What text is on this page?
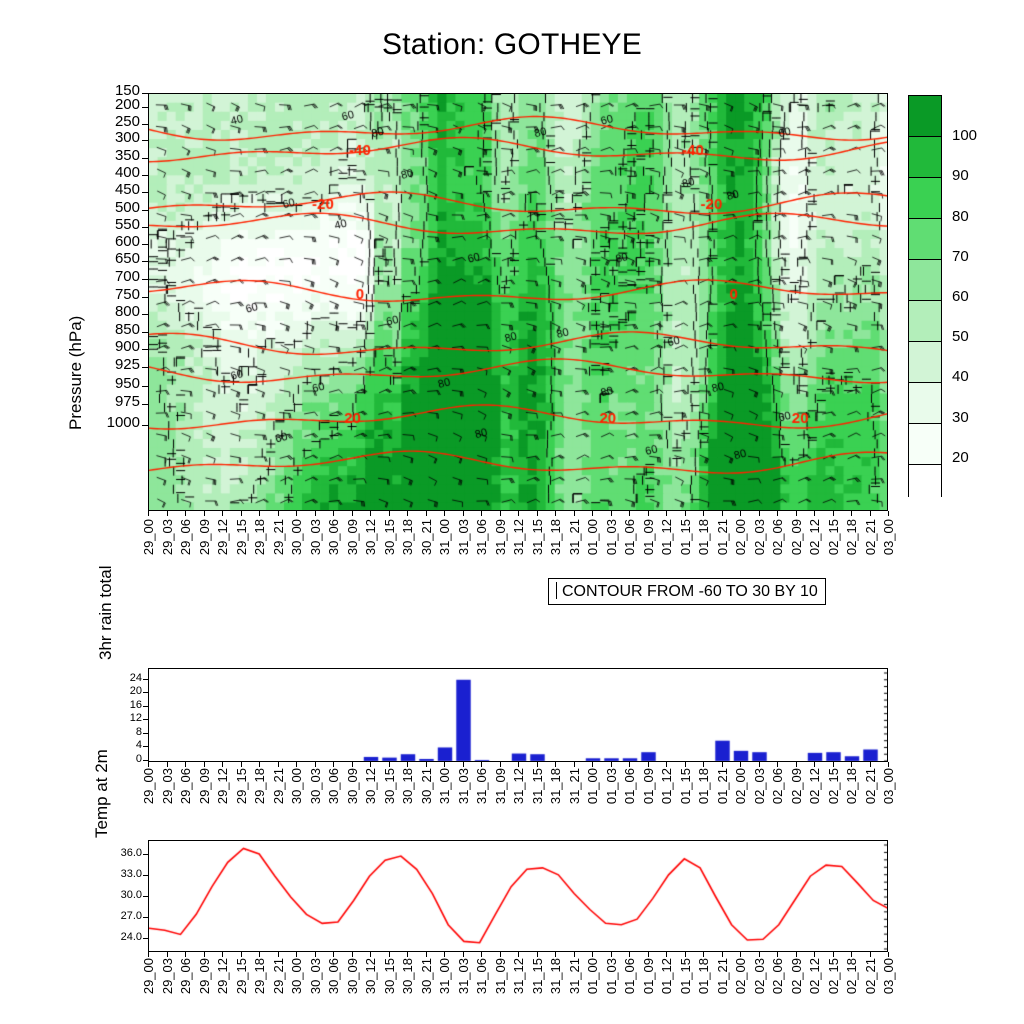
Station: GOTHEYE
150
200
250
300
350
400
450
500
550
600
650
700
750
800
850
900
925
950
975
1000
29_00 29_03 29_06 29_09 29_12 29_15 29_18 29_21 30_00 30_03 30_06 30_09 30_12 30_15 30_18 30_21 31_00 31_03 31_06 31_09 31_12 31_15 31_18 31_21 01_00 01_03 01_06 01_09 01_12 01_15 01_18 01_21 02_00 02_03 02_06 02_09 02_12 02_15 02_18 02_21 03_00
Pressure (hPa)
100
90
80
70
60
50
40
30
20
CONTOUR FROM -60 TO 30 BY 10
3hr rain total
0
4
8
12
16
20
24
29_00 29_03 29_06 29_09 29_12 29_15 29_18 29_21 30_00 30_03 30_06 30_09 30_12 30_15 30_18 30_21 31_00 31_03 31_06 31_09 31_12 31_15 31_18 31_21 01_00 01_03 01_06 01_09 01_12 01_15 01_18 01_21 02_00 02_03 02_06 02_09 02_12 02_15 02_18 02_21 03_00
Temp at 2m
24.0
27.0
30.0
33.0
36.0
29_00 29_03 29_06 29_09 29_12 29_15 29_18 29_21 30_00 30_03 30_06 30_09 30_12 30_15 30_18 30_21 31_00 31_03 31_06 31_09 31_12 31_15 31_18 31_21 01_00 01_03 01_06 01_09 01_12 01_15 01_18 01_21 02_00 02_03 02_06 02_09 02_12 02_15 02_18 02_21 03_00
